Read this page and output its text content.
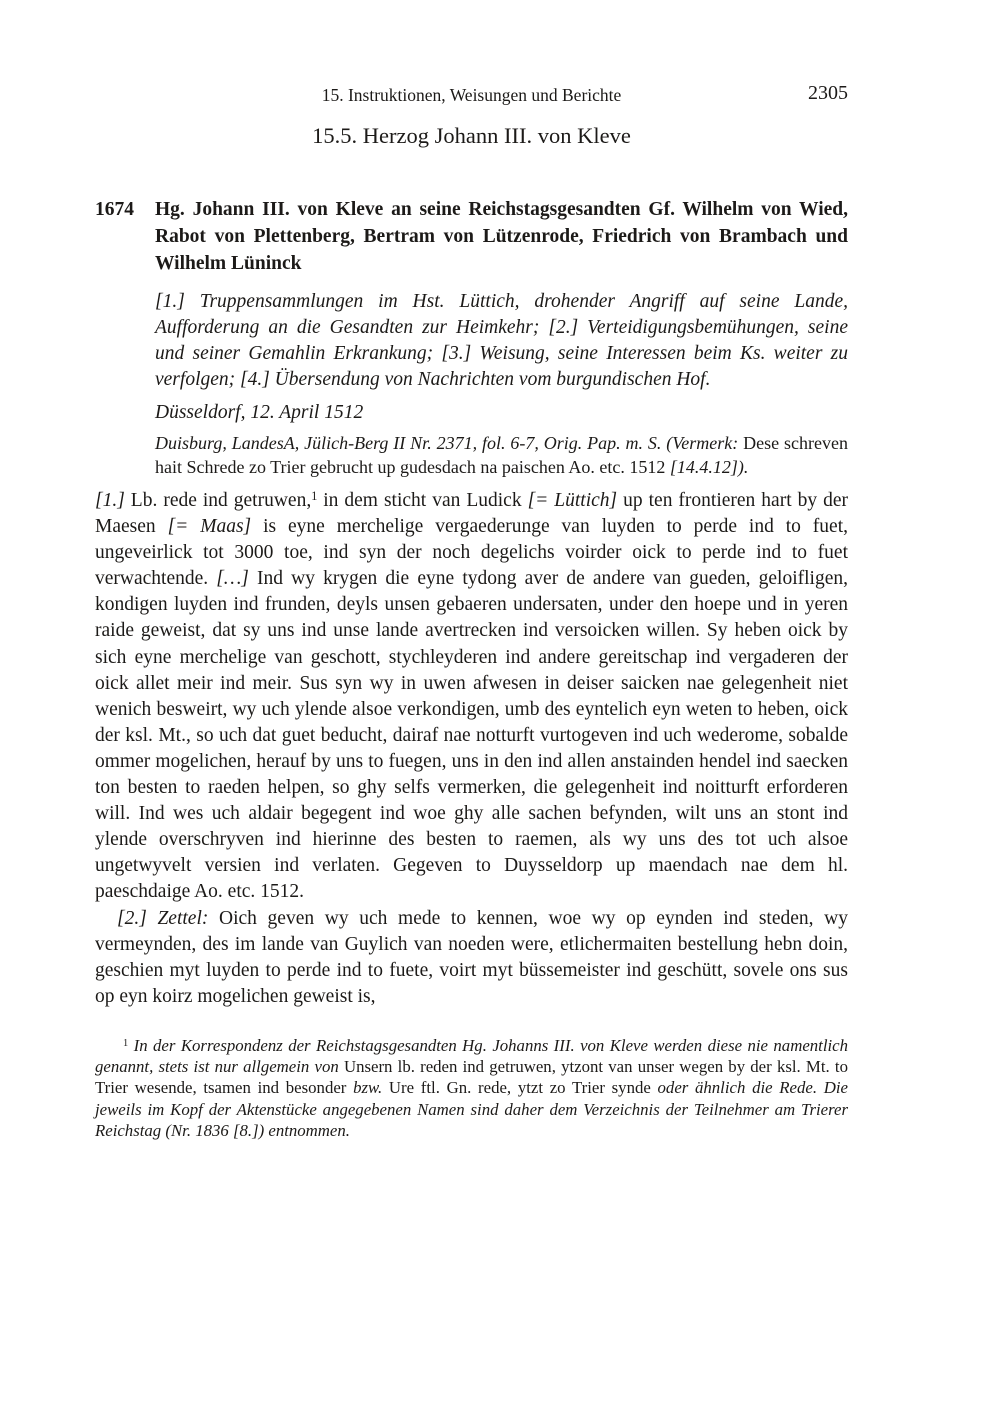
15. Instruktionen, Weisungen und Berichte	2305
15.5. Herzog Johann III. von Kleve
1674 Hg. Johann III. von Kleve an seine Reichstagsgesandten Gf. Wilhelm von Wied, Rabot von Plettenberg, Bertram von Lützenrode, Friedrich von Brambach und Wilhelm Lüninck

[1.] Truppensammlungen im Hst. Lüttich, drohender Angriff auf seine Lande, Aufforderung an die Gesandten zur Heimkehr; [2.] Verteidigungsbemühungen, seine und seiner Gemahlin Erkrankung; [3.] Weisung, seine Interessen beim Ks. weiter zu verfolgen; [4.] Übersendung von Nachrichten vom burgundischen Hof.

Düsseldorf, 12. April 1512

Duisburg, LandesA, Jülich-Berg II Nr. 2371, fol. 6-7, Orig. Pap. m. S. (Vermerk: Dese schreven hait Schrede zo Trier gebrucht up gudesdach na paischen Ao. etc. 1512 [14.4.12]).

[1.] Lb. rede ind getruwen,$^1$ in dem sticht van Ludick [= Lüttich] up ten frontieren hart by der Maesen [= Maas] is eyne merchelige vergaederunge van luyden to perde ind to fuet, ungeveirlick tot 3000 toe, ind syn der noch degelichs voirder oick to perde ind to fuet verwachtende. […] Ind wy krygen die eyne tydong aver de andere van gueden, geloifligen, kondigen luyden ind frunden, deyls unsen gebaeren undersaten, under den hoepe und in yeren raide geweist, dat sy uns ind unse lande avertrecken ind versoicken willen. Sy heben oick by sich eyne merchelige van geschott, stychleyderen ind andere gereitschap ind vergaderen der oick allet meir ind meir. Sus syn wy in uwen afwesen in deiser saicken nae gelegenheit niet wenich besweirt, wy uch ylende alsoe verkondigen, umb des eyntelich eyn weten to heben, oick der ksl. Mt., so uch dat guet beducht, dairaf nae notturft vurtogeven ind uch wederome, sobalde ommer mogelichen, herauf by uns to fuegen, uns in den ind allen anstainden hendel ind saecken ton besten to raeden helpen, so ghy selfs vermerken, die gelegenheit ind noitturft erforderen will. Ind wes uch aldair begegent ind woe ghy alle sachen befynden, wilt uns an stont ind ylende overschryven ind hierinne des besten to raemen, als wy uns des tot uch alsoe ungetwyvelt versien ind verlaten. Gegeven to Duysseldorp up maendach nae dem hl. paeschdaige Ao. etc. 1512.

[2.] Zettel: Oich geven wy uch mede to kennen, woe wy op eynden ind steden, wy vermeynden, des im lande van Guylich van noeden were, etlichermaiten bestellung hebn doin, geschien myt luyden to perde ind to fuete, voirt myt büssemeister ind geschütt, sovele ons sus op eyn koirz mogelichen geweist is,

$^1$ In der Korrespondenz der Reichstagsgesandten Hg. Johanns III. von Kleve werden diese nie namentlich genannt, stets ist nur allgemein von Unsern lb. reden ind getruwen, ytzont van unser wegen by der ksl. Mt. to Trier wesende, tsamen ind besonder bzw. Ure ftl. Gn. rede, ytzt zo Trier synde oder ähnlich die Rede. Die jeweils im Kopf der Aktenstücke angegebenen Namen sind daher dem Verzeichnis der Teilnehmer am Trierer Reichstag (Nr. 1836 [8.]) entnommen.
